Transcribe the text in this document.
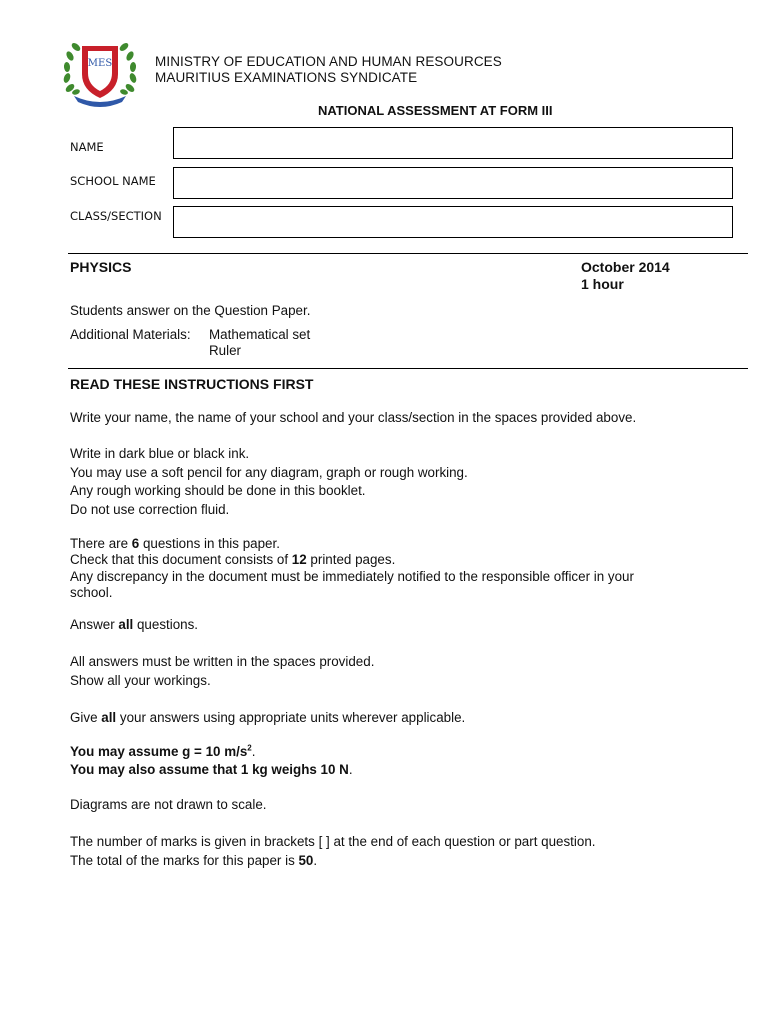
MES	MINISTRY OF EDUCATION AND HUMAN RESOURCES
MAURITIUS EXAMINATIONS SYNDICATE
NATIONAL ASSESSMENT AT FORM III
NAME
SCHOOL NAME
CLASS/SECTION
PHYSICS	October 2014
1 hour
Students answer on the Question Paper.
Additional Materials: Mathematical set
Ruler
READ THESE INSTRUCTIONS FIRST
Write your name, the name of your school and your class/section in the spaces provided above.
Write in dark blue or black ink.
You may use a soft pencil for any diagram, graph or rough working.
Any rough working should be done in this booklet.
Do not use correction fluid.
There are 6 questions in this paper.
Check that this document consists of 12 printed pages.
Any discrepancy in the document must be immediately notified to the responsible officer in your
school.
Answer all questions.
All answers must be written in the spaces provided.
Show all your workings.
Give all your answers using appropriate units wherever applicable.
You may assume g = 10 $m/s^2$.
You may also assume that 1 kg weighs 10 N.
Diagrams are not drawn to scale.
The number of marks is given in brackets [ ] at the end of each question or part question.
The total of the marks for this paper is 50.
